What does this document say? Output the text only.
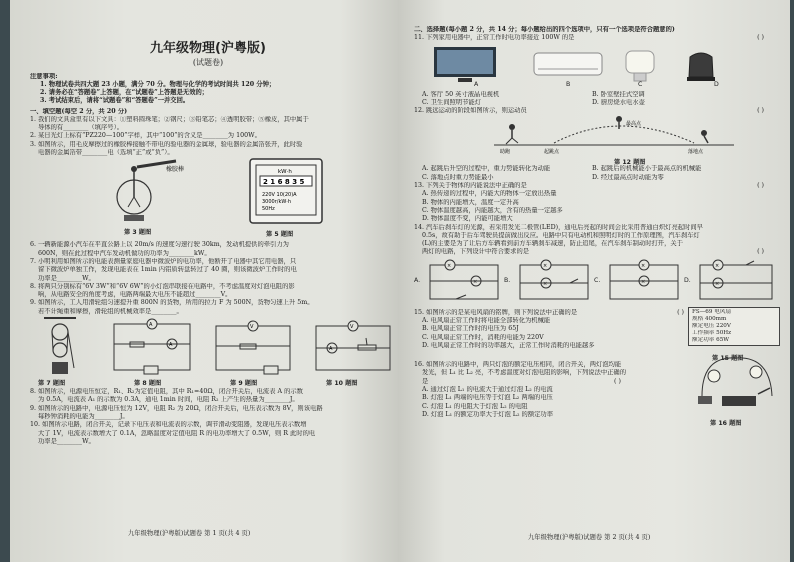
九年级物理(沪粤版)
(试题卷)
注意事项:
1. 物理试卷共四大题 23 小题，满分 70 分。物理与化学的考试时间共 120 分钟；
2. 请务必在“答题卷”上答题，在“试题卷”上答题是无效的；
3. 考试结束后，请将“试题卷”和“答题卷”一并交回。
一、填空题(每空 2 分，共 20 分)
1. 我们的文具盒里有以下文具：①塑料圆珠笔；②钢尺；③铅笔芯；④透明胶带；⑤橡皮，其中属于
导体的有________（填序号）。
2. 某日光灯上标有“PZ220—100”字样，其中“100”的含义是________为 100W。
3. 如图所示，用毛皮摩擦过的橡胶棒接触不带电的验电器的金属球，验电器的金属箔张开，此时验
电器的金属箔带________电（选填“正”或“负”）。
橡胶棒
第 3 题图
kW·h
2 1 6 8 3 5
220V 10(20)A
3000r/kW·h
50Hz
第 5 题图
6. 一辆新能源小汽车在平直公路上以 20m/s 的速度匀速行驶 30km，发动机提供的牵引力为
600N，则在此过程中汽车发动机做功的功率为________kW。
7. 小明利用如图所示的电能表测量家庭电器中微波炉的电功率，他断开了电器中其它用电器，只
留下微波炉单独工作，发现电能表在 1min 内铝质转盘转过了 40 圈，则该微波炉工作时的电
功率是________W。
8. 将两只分别标有“6V 3W”和“6V 6W”的小灯泡串联接在电路中，不考虑温度对灯泡电阻的影
响，从电路安全的角度考虑，电路两端最大电压不能超过________V。
9. 如图所示，工人用滑轮组匀速提升重 800N 的货物，所用的拉力 F 为 500N，货物匀速上升 5m。
若不计绳重和摩擦，滑轮组的机械效率是________。
第 7 题图
A
A
第 8 题图
V
第 9 题图
V
A
第 10 题图
8. 如图所示，电源电压恒定，R₁、R₂为定值电阻，其中 R₁=40Ω，闭合开关后，电流表 A 的示数
为 0.5A，电流表 A₁ 的示数为 0.3A，通电 1min 时间，电阻 R₂ 上产生的热量为________J。
9. 如图所示的电路中，电源电压恒为 12V，电阻 R₂ 为 20Ω，闭合开关后，电压表示数为 8V，则该电路
每秒钟消耗的电能为________J。
10. 如图所示电路，闭合开关，记录下电压表和电流表的示数，调节滑动变阻器，发现电压表示数增
大了 1V，电流表示数增大了 0.1A，忽略温度对定值电阻 R 的电功率增大了 0.5W，则 R 此时的电
功率是________W。
九年级物理(沪粤版)试题卷 第 1 页(共 4 页)
二、选择题(每小题 2 分，共 14 分；每小题给出的四个选项中，只有一个选项是符合题意的)
11. 下列家用电器中，正常工作时电功率接近 100W 的是	( )
A	B	C	D
A. 客厅 50 英寸液晶电视机	B. 卧室壁挂式空调
C. 卫生间照明节能灯	D. 厨房烧水电水壶
12. 跳远运动的阶段如图所示，则运动员	( )
助跑	起跳点
最高点
落地点
第 12 题图
A. 起跳后升空的过程中，重力势能转化为动能	B. 起跳后的机械能小于最高点的机械能
C. 落地点时重力势能最小	D. 经过最高点时动能为零
13. 下列关于物体的内能说法中正确的是	( )
A. 热传递的过程中，内能大的物体一定放出热量
B. 物体的内能增大，温度一定升高
C. 物体温度越高，内能越大，含有的热量一定越多
D. 物体温度不变，内能可能增大
14. 汽车后刹车灯的光源，若采用发光二极管(LED)，通电后亮起的时间会比采用普通白炽灯亮起时间早
0.5s，故有助于后车驾驶员提前做出反应。电路中只有电动机和照明灯时的工作原理图，汽车刹车灯
(L)的主要是为了让后方车辆看到前方车辆刹车减速，防止追尾，在汽车刹车制动时打开，关于
两灯的电路，下列设计中符合要求的是	( )
A.
×
×	B.
×
×	C.
×
×	D.
×
×
15. 如图所示的是某电风扇的铭牌，则下列说法中正确的是	( )
A. 电风扇正常工作时将电能全部转化为机械能
B. 电风扇正常工作时的电压为 65J
C. 电风扇正常工作时，消耗的电能为 220V
D. 电风扇正常工作时的功率越大，正常工作时消耗的电能越多
FS—69 电风扇
规格 400mm
额定电压 220V
工作频率 50Hz
额定功率 65W
第 15 题图
16. 如图所示的电路中，两只灯泡的额定电压相同，闭合开关，两灯泡均能
发光，但 L₁ 比 L₂ 亮，不考虑温度对灯泡电阻的影响，下列说法中正确的
是	( )
A. 通过灯泡 L₁ 的电流大于通过灯泡 L₂ 的电流
B. 灯泡 L₁ 两端的电压等于灯泡 L₂ 两端的电压
C. 灯泡 L₁ 的电阻大于灯泡 L₂ 的电阻
D. 灯泡 L₁ 的额定功率大于灯泡 L₂ 的额定功率
第 16 题图
九年级物理(沪粤版)试题卷 第 2 页(共 4 页)
